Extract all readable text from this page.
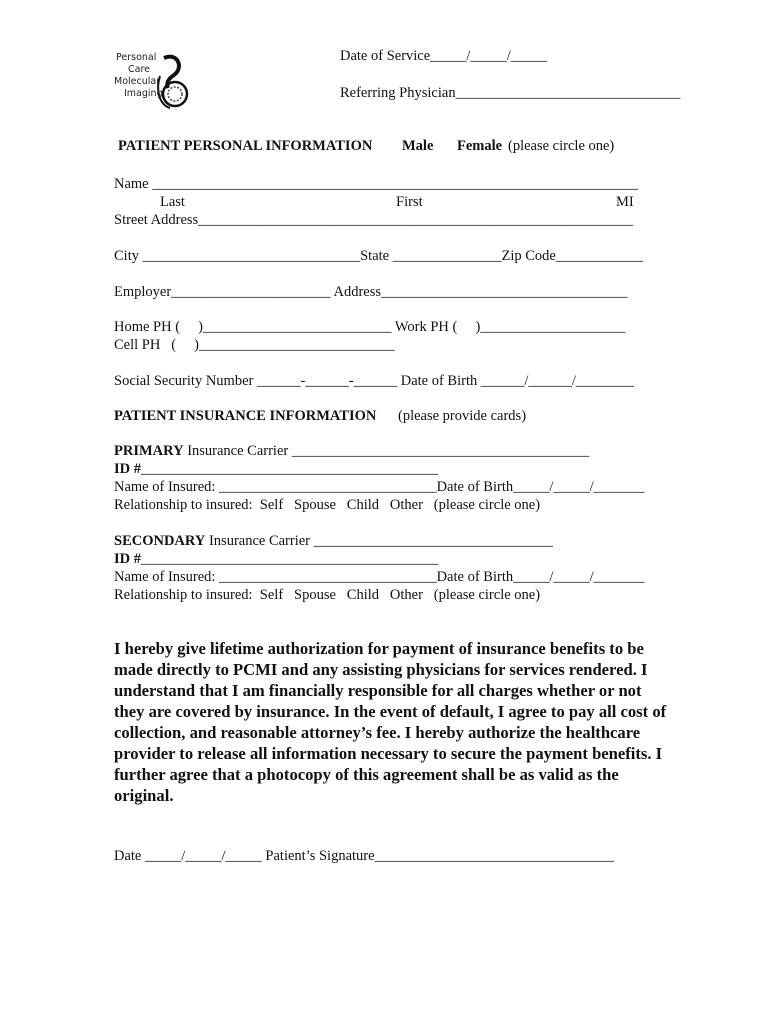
Personal
Care
Molecular
Imaging
Date of Service_____/_____/_____
Referring Physician_______________________________
PATIENT PERSONAL INFORMATION Male Female (please circle one)
Name ___________________________________________________________________
Last	First	MI
Street Address____________________________________________________________
City ______________________________State _______________Zip Code____________
Employer______________________ Address__________________________________
Home PH (     )__________________________ Work PH (     )____________________
Cell PH   (     )___________________________
Social Security Number ______-______-______ Date of Birth ______/______/________
PATIENT INSURANCE INFORMATION (please provide cards)
PRIMARY Insurance Carrier _________________________________________
ID #_________________________________________
Name of Insured: ______________________________Date of Birth_____/_____/_______
Relationship to insured:  Self   Spouse   Child   Other   (please circle one)
SECONDARY Insurance Carrier _________________________________
ID #_________________________________________
Name of Insured: ______________________________Date of Birth_____/_____/_______
Relationship to insured:  Self   Spouse   Child   Other   (please circle one)
I hereby give lifetime authorization for payment of insurance benefits to be made directly to PCMI and any assisting physicians for services rendered. I understand that I am financially responsible for all charges whether or not they are covered by insurance. In the event of default, I agree to pay all cost of collection, and reasonable attorney’s fee. I hereby authorize the healthcare provider to release all information necessary to secure the payment benefits. I further agree that a photocopy of this agreement shall be as valid as the original.
Date _____/_____/_____ Patient’s Signature_________________________________
